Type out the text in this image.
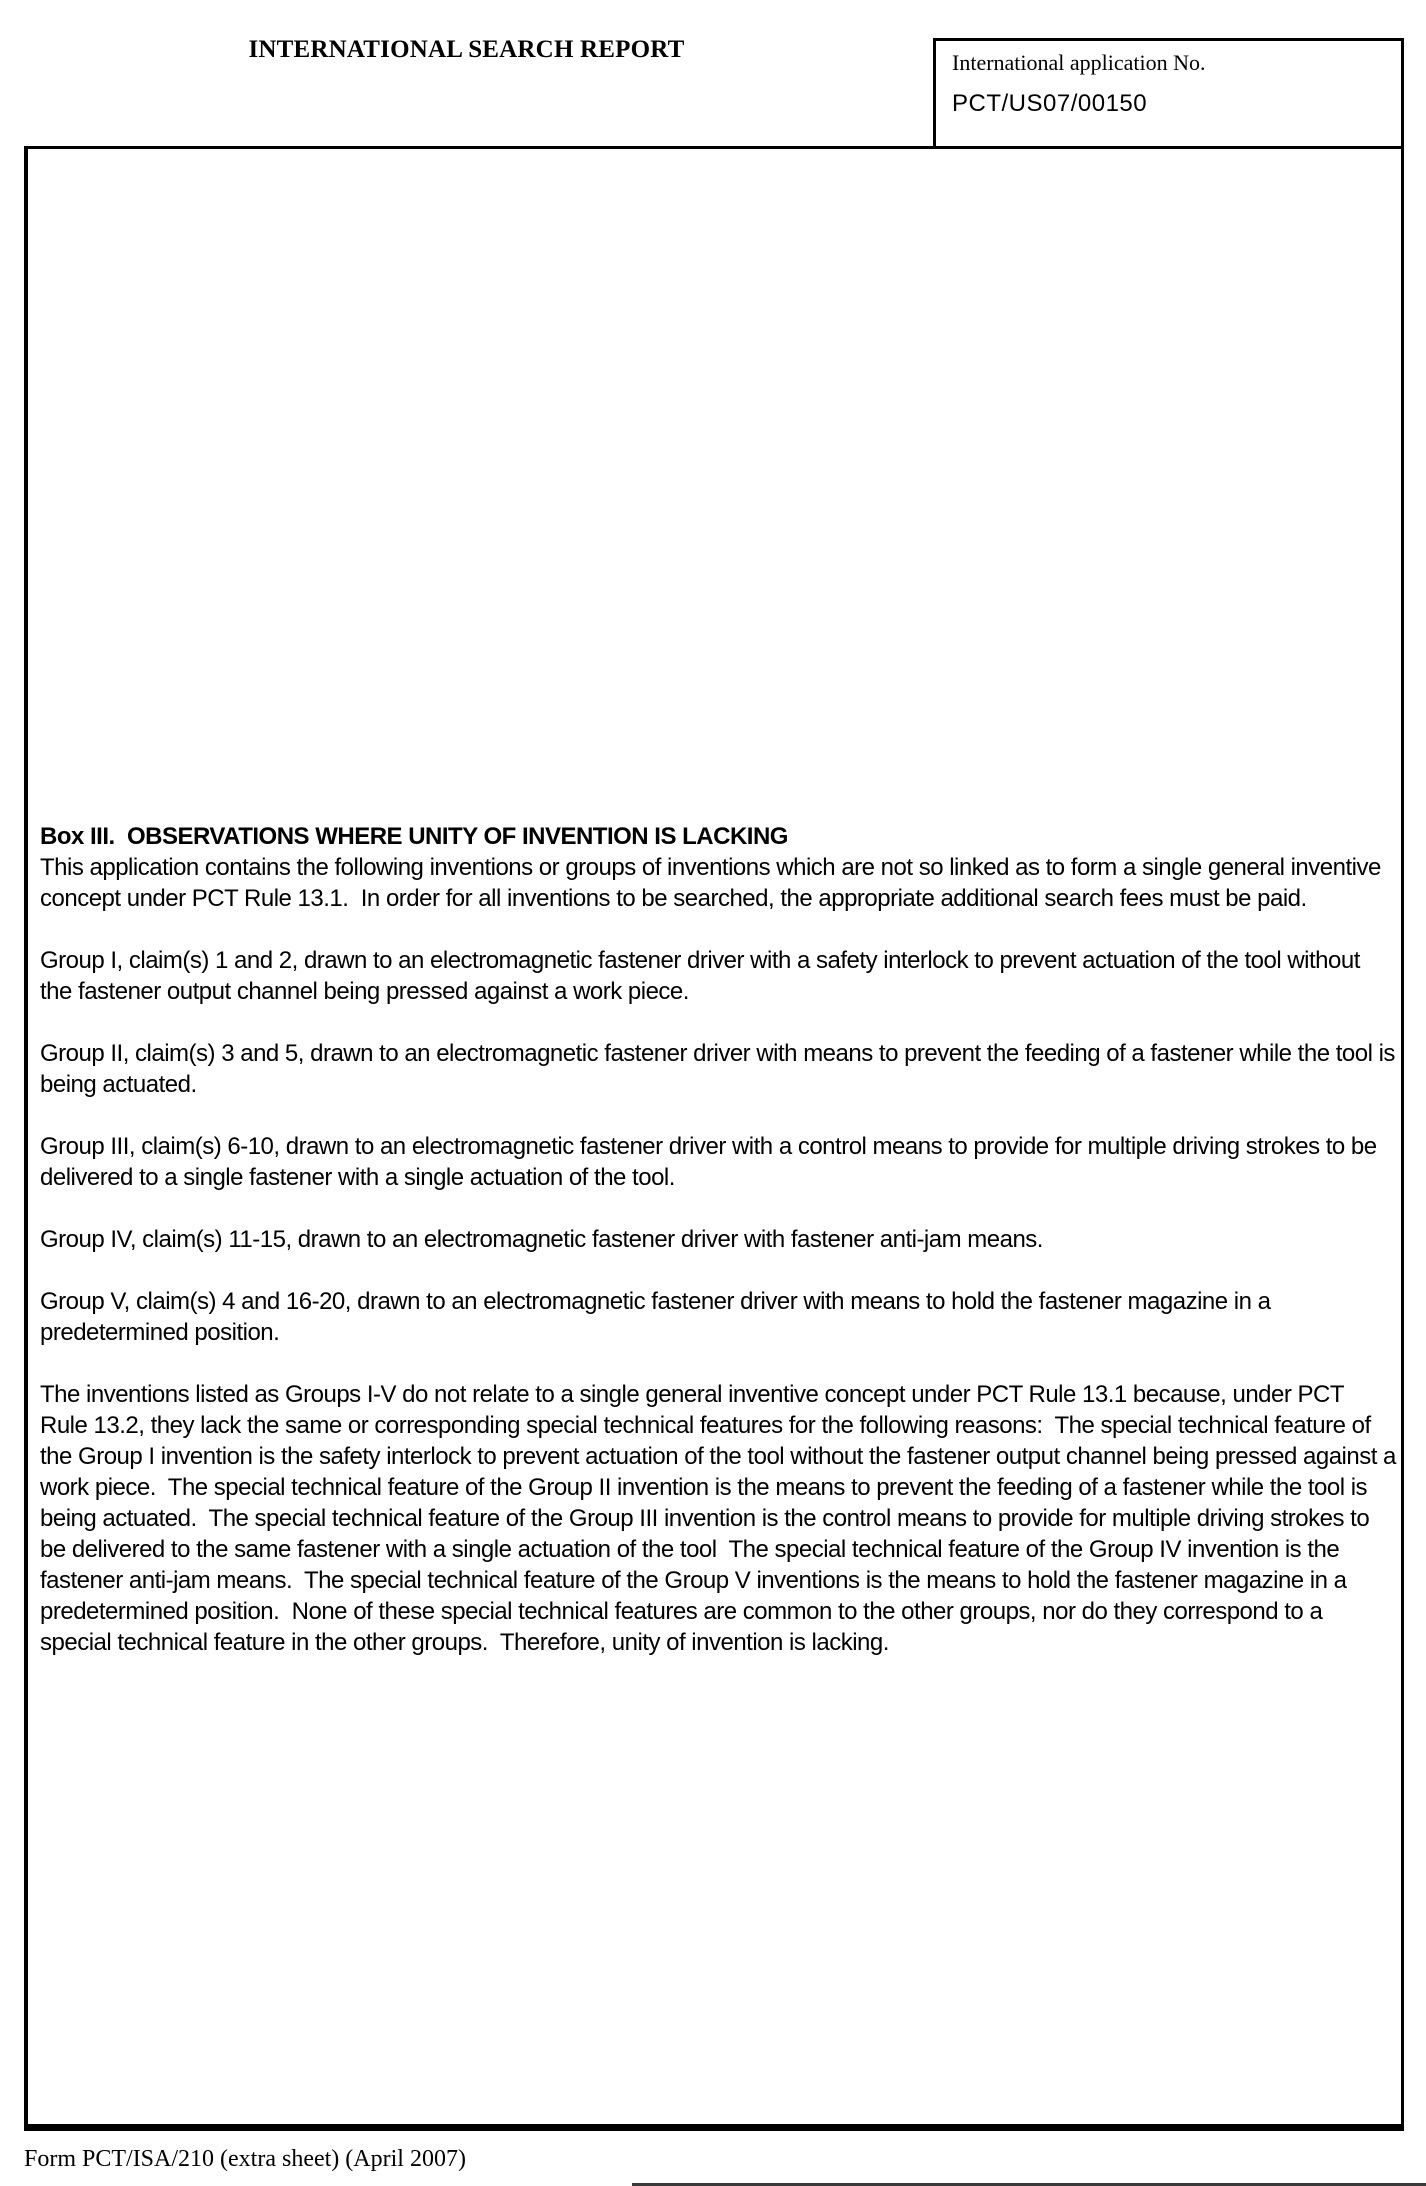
INTERNATIONAL SEARCH REPORT	International application No.
PCT/US07/00150
Box III.  OBSERVATIONS WHERE UNITY OF INVENTION IS LACKING
This application contains the following inventions or groups of inventions which are not so linked as to form a single general inventive concept under PCT Rule 13.1.  In order for all inventions to be searched, the appropriate additional search fees must be paid.
Group I, claim(s) 1 and 2, drawn to an electromagnetic fastener driver with a safety interlock to prevent actuation of the tool without the fastener output channel being pressed against a work piece.
Group II, claim(s) 3 and 5, drawn to an electromagnetic fastener driver with means to prevent the feeding of a fastener while the tool is being actuated.
Group III, claim(s) 6-10, drawn to an electromagnetic fastener driver with a control means to provide for multiple driving strokes to be delivered to a single fastener with a single actuation of the tool.
Group IV, claim(s) 11-15, drawn to an electromagnetic fastener driver with fastener anti-jam means.
Group V, claim(s) 4 and 16-20, drawn to an electromagnetic fastener driver with means to hold the fastener magazine in a predetermined position.
The inventions listed as Groups I-V do not relate to a single general inventive concept under PCT Rule 13.1 because, under PCT Rule 13.2, they lack the same or corresponding special technical features for the following reasons:  The special technical feature of the Group I invention is the safety interlock to prevent actuation of the tool without the fastener output channel being pressed against a work piece.  The special technical feature of the Group II invention is the means to prevent the feeding of a fastener while the tool is being actuated.  The special technical feature of the Group III invention is the control means to provide for multiple driving strokes to be delivered to the same fastener with a single actuation of the tool  The special technical feature of the Group IV invention is the fastener anti-jam means.  The special technical feature of the Group V inventions is the means to hold the fastener magazine in a predetermined position.  None of these special technical features are common to the other groups, nor do they correspond to a special technical feature in the other groups.  Therefore, unity of invention is lacking.
Form PCT/ISA/210 (extra sheet) (April 2007)
